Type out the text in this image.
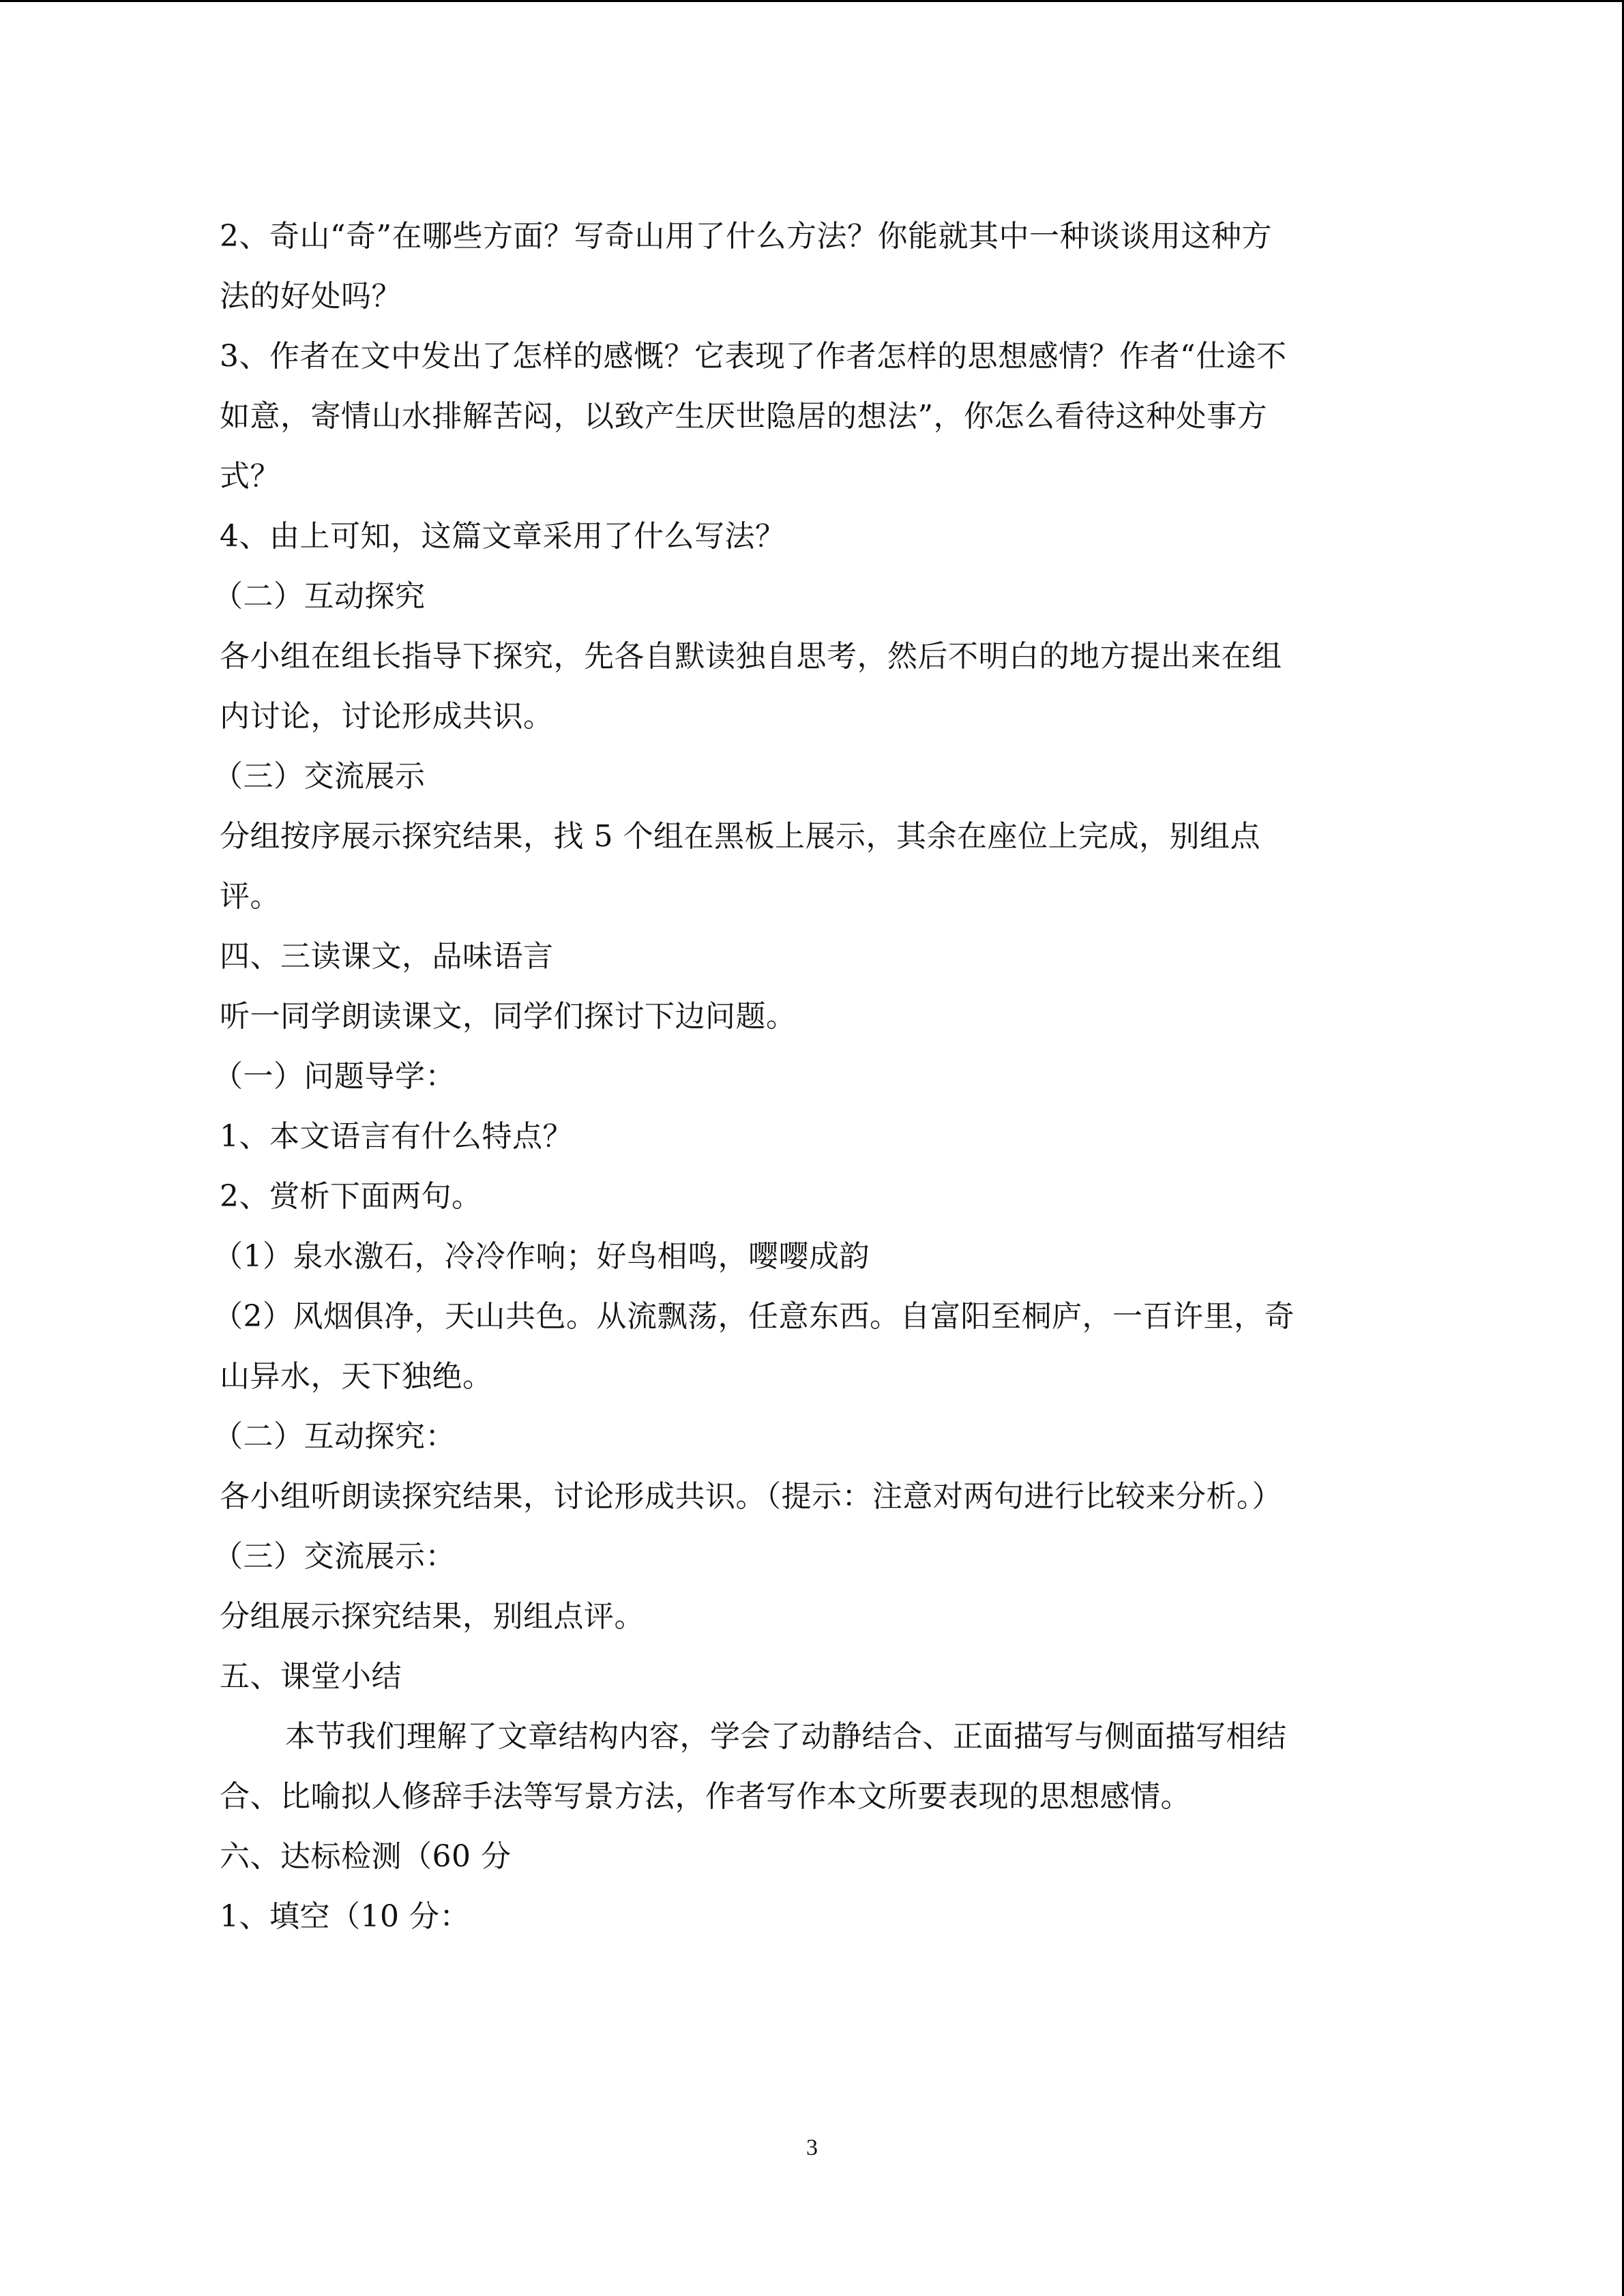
2、奇山“奇”在哪些方面？写奇山用了什么方法？你能就其中一种谈谈用这种方
法的好处吗？
3、作者在文中发出了怎样的感慨？它表现了作者怎样的思想感情？作者“仕途不
如意，寄情山水排解苦闷，以致产生厌世隐居的想法”，你怎么看待这种处事方
式？
4、由上可知，这篇文章采用了什么写法？
（二）互动探究
各小组在组长指导下探究，先各自默读独自思考，然后不明白的地方提出来在组
内讨论，讨论形成共识。
（三）交流展示
分组按序展示探究结果，找 5 个组在黑板上展示，其余在座位上完成，别组点
评。
四、三读课文，品味语言
听一同学朗读课文，同学们探讨下边问题。
（一）问题导学：
1、本文语言有什么特点？
2、赏析下面两句。
（1）泉水激石，冷冷作响；好鸟相鸣，嘤嘤成韵
（2）风烟俱净，天山共色。从流飘荡，任意东西。自富阳至桐庐，一百许里，奇
山异水，天下独绝。
（二）互动探究：
各小组听朗读探究结果，讨论形成共识。（提示：注意对两句进行比较来分析。）
（三）交流展示：
分组展示探究结果，别组点评。
五、课堂小结
本节我们理解了文章结构内容，学会了动静结合、正面描写与侧面描写相结
合、比喻拟人修辞手法等写景方法，作者写作本文所要表现的思想感情。
六、达标检测（60 分
1、填空（10 分：
3
